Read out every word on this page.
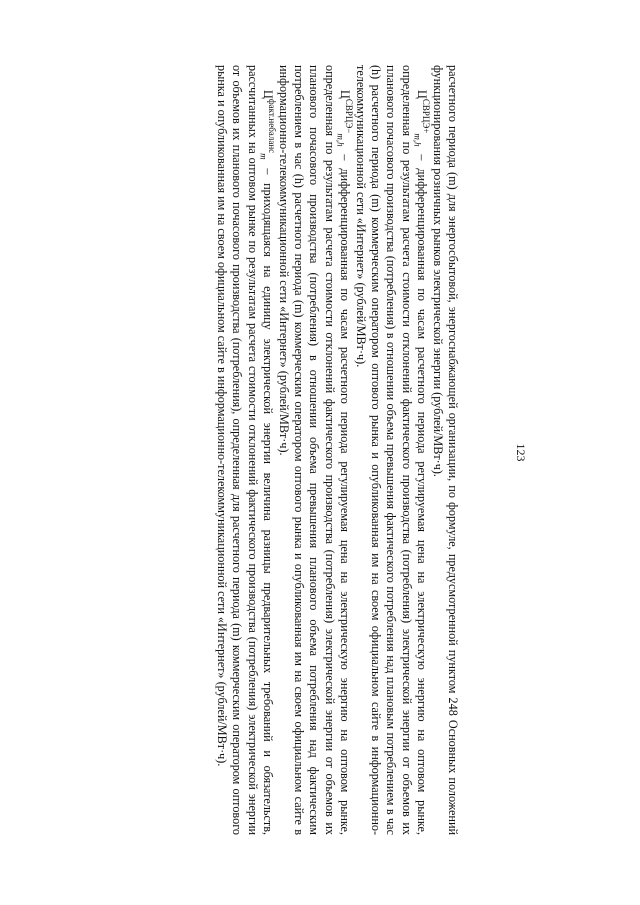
123

расчетного периода (m) для энергосбытовой, энергоснабжающей организации, по формуле, предусмотренной пунктом 248 Основных положений функционирования розничных рынков электрической энергии (рублей/МВт·ч).

$Ц^{СВРЦЭ+}_{m,h}$ – дифференцированная по часам расчетного периода регулируемая цена на электрическую энергию на оптовом рынке, определенная по результатам расчета стоимости отклонений фактического производства (потребления) электрической энергии от объемов их планового почасового производства (потребления) в отношении объема превышения фактического потребления над плановым потреблением в час (h) расчетного периода (m) коммерческим оператором оптового рынка и опубликованная им на своем официальном сайте в информационно-телекоммуникационной сети «Интернет» (рублей/МВт·ч).

$Ц^{СВРЦЭ-}_{m,h}$ – дифференцированная по часам расчетного периода регулируемая цена на электрическую энергию на оптовом рынке, определенная по результатам расчета стоимости отклонений фактического производства (потребления) электрической энергии от объемов их планового почасового производства (потребления) в отношении объема превышения планового объема потребления над фактическим потреблением в час (h) расчетного периода (m) коммерческим оператором оптового рынка и опубликованная им на своем официальном сайте в информационно-телекоммуникационной сети «Интернет» (рублей/МВт·ч).

$Ц^{факт.небаланс}_m$ – приходящаяся на единицу электрической энергии величина разницы предварительных требований и обязательств, рассчитанных на оптовом рынке по результатам расчета стоимости отклонений фактического производства (потребления) электрической энергии от объемов их планового почасового производства (потребления), определенная для расчетного периода (m) коммерческим оператором оптового рынка и опубликованная им на своем официальном сайте в информационно-телекоммуникационной сети «Интернет» (рублей/МВт·ч).
